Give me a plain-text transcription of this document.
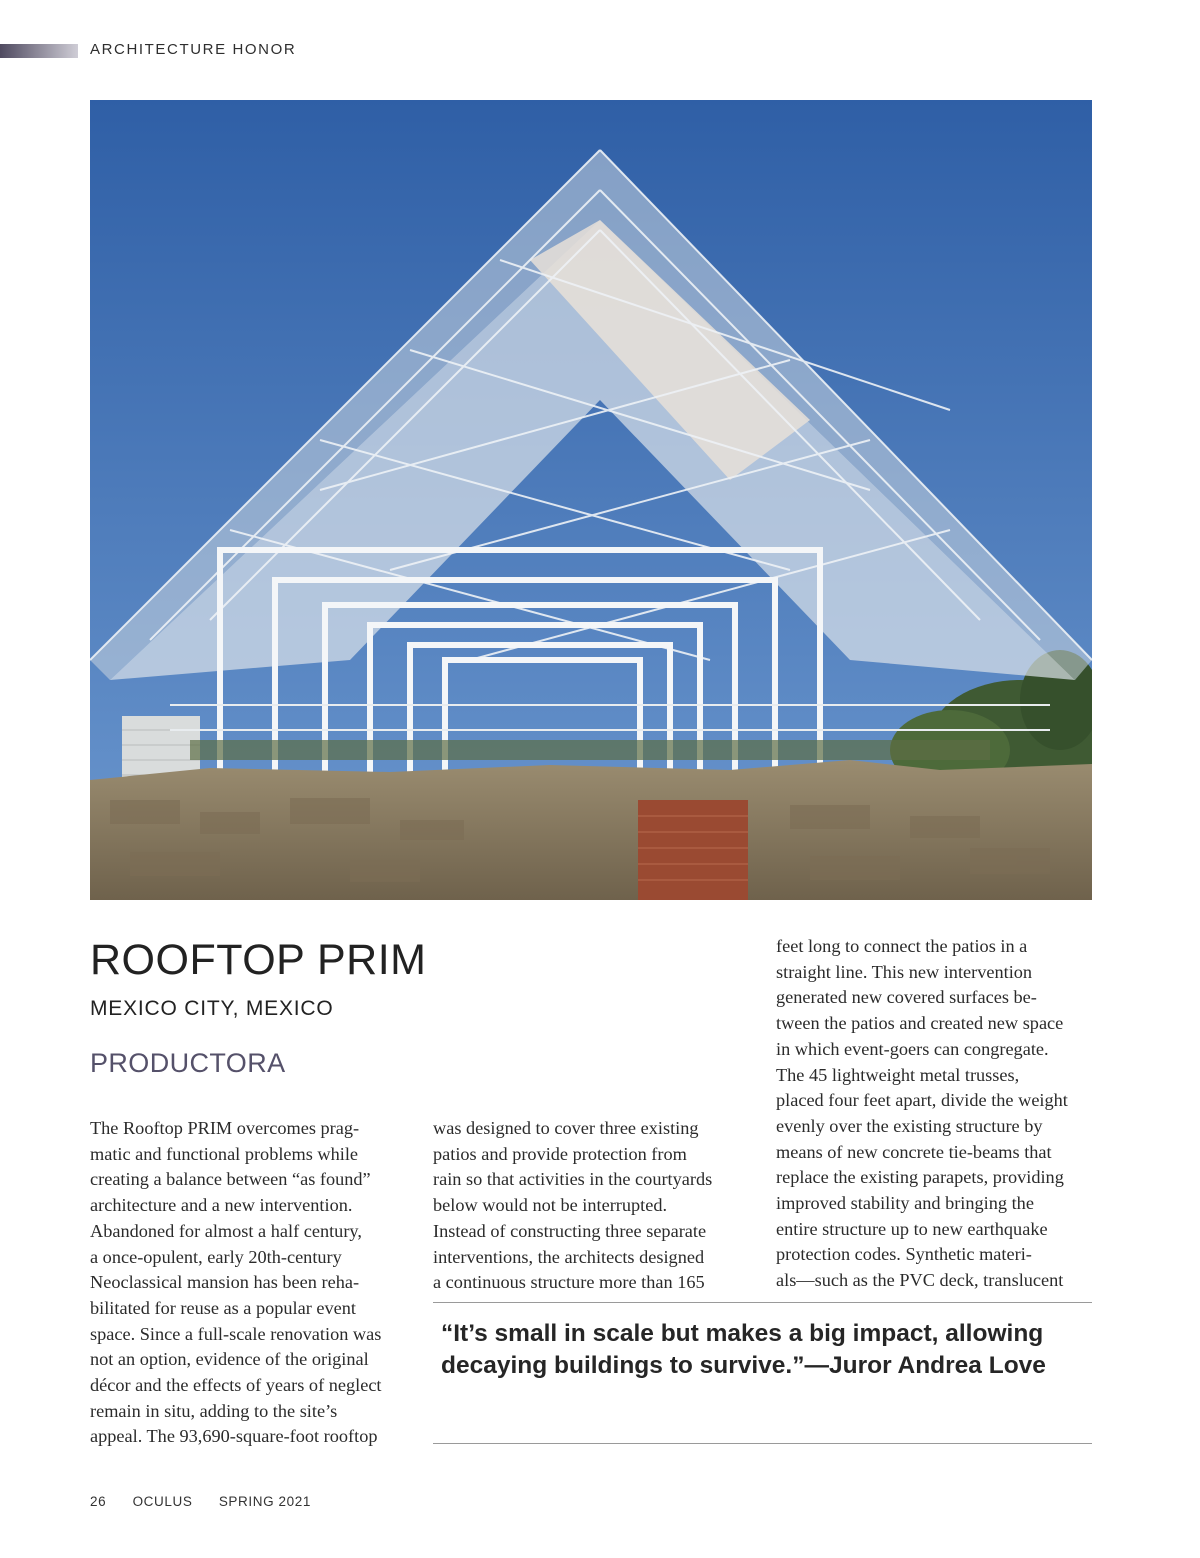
ARCHITECTURE HONOR
ROOFTOP PRIM
MEXICO CITY, MEXICO
PRODUCTORA

The Rooftop PRIM overcomes prag-
matic and functional problems while
creating a balance between “as found”
architecture and a new intervention.
Abandoned for almost a half century,
a once-opulent, early 20th-century
Neoclassical mansion has been reha-
bilitated for reuse as a popular event
space. Since a full-scale renovation was
not an option, evidence of the original
décor and the effects of years of neglect
remain in situ, adding to the site’s
appeal. The 93,690-square-foot rooftop

was designed to cover three existing
patios and provide protection from
rain so that activities in the courtyards
below would not be interrupted.
Instead of constructing three separate
interventions, the architects designed
a continuous structure more than 165

feet long to connect the patios in a
straight line. This new intervention
generated new covered surfaces be-
tween the patios and created new space
in which event-goers can congregate.
The 45 lightweight metal trusses,
placed four feet apart, divide the weight
evenly over the existing structure by
means of new concrete tie-beams that
replace the existing parapets, providing
improved stability and bringing the
entire structure up to new earthquake
protection codes. Synthetic materi-
als—such as the PVC deck, translucent

“It’s small in scale but makes a big impact, allowing
decaying buildings to survive.”—Juror Andrea Love

26 OCULUS SPRING 2021
